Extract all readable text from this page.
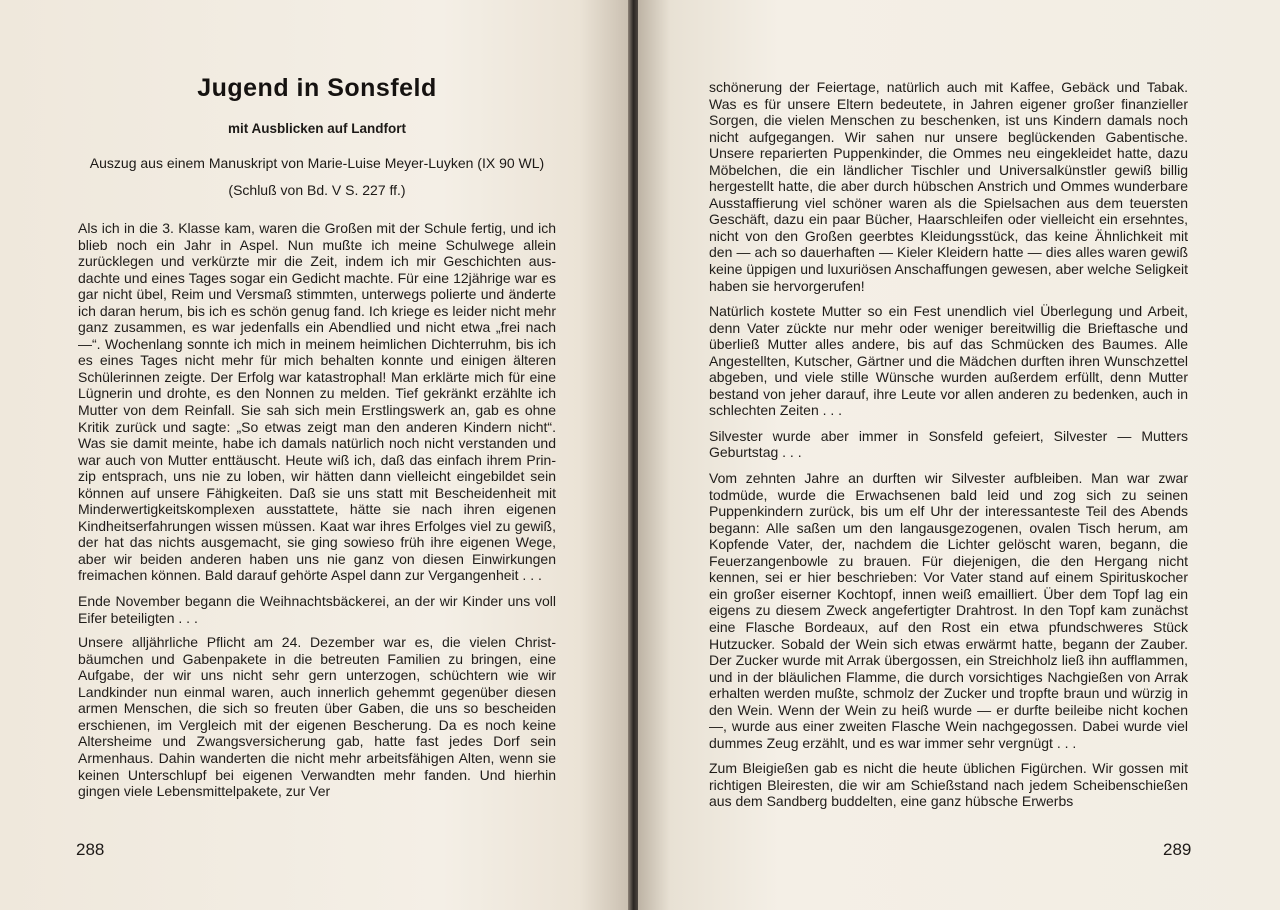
Jugend in Sonsfeld
mit Ausblicken auf Landfort
Auszug aus einem Manuskript von Marie-Luise Meyer-Luyken (IX 90 WL)
(Schluß von Bd. V S. 227 ff.)

Als ich in die 3. Klasse kam, waren die Großen mit der Schule fertig, und ich blieb noch ein Jahr in Aspel. Nun mußte ich meine Schulwege allein zurücklegen und verkürzte mir die Zeit, indem ich mir Geschichten ausdachte und eines Tages sogar ein Gedicht machte. Für eine 12jährige war es gar nicht übel, Reim und Versmaß stimmten, unterwegs polierte und änderte ich daran herum, bis ich es schön genug fand. Ich kriege es leider nicht mehr ganz zusammen, es war jedenfalls ein Abendlied und nicht etwa „frei nach —“. Wochenlang sonnte ich mich in meinem heimlichen Dichterruhm, bis ich es eines Tages nicht mehr für mich behalten konnte und einigen älteren Schülerinnen zeigte. Der Erfolg war katastrophal! Man erklärte mich für eine Lügnerin und drohte, es den Nonnen zu melden. Tief gekränkt erzählte ich Mutter von dem Reinfall. Sie sah sich mein Erstlingswerk an, gab es ohne Kritik zurück und sagte: „So etwas zeigt man den anderen Kindern nicht“. Was sie damit meinte, habe ich damals natürlich noch nicht verstanden und war auch von Mutter enttäuscht. Heute wiß ich, daß das einfach ihrem Prinzip entsprach, uns nie zu loben, wir hätten dann vielleicht eingebildet sein können auf unsere Fähigkeiten. Daß sie uns statt mit Bescheidenheit mit Minderwertigkeitskomplexen ausstattete, hätte sie nach ihren eigenen Kindheitserfahrungen wissen müssen. Kaat war ihres Erfolges viel zu gewiß, der hat das nichts ausgemacht, sie ging sowieso früh ihre eigenen Wege, aber wir beiden anderen haben uns nie ganz von diesen Einwirkungen freimachen können. Bald darauf gehörte Aspel dann zur Vergangenheit . . .

Ende November begann die Weihnachtsbäckerei, an der wir Kinder uns voll Eifer beteiligten . . .

Unsere alljährliche Pflicht am 24. Dezember war es, die vielen Christbäumchen und Gabenpakete in die betreuten Familien zu bringen, eine Aufgabe, der wir uns nicht sehr gern unterzogen, schüchtern wie wir Landkinder nun einmal waren, auch innerlich gehemmt gegenüber diesen armen Menschen, die sich so freuten über Gaben, die uns so bescheiden erschienen, im Vergleich mit der eigenen Bescherung. Da es noch keine Altersheime und Zwangsversicherung gab, hatte fast jedes Dorf sein Armenhaus. Dahin wanderten die nicht mehr arbeitsfähigen Alten, wenn sie keinen Unterschlupf bei eigenen Verwandten mehr fanden. Und hierhin gingen viele Lebensmittelpakete, zur Ver

288

schönerung der Feiertage, natürlich auch mit Kaffee, Gebäck und Tabak. Was es für unsere Eltern bedeutete, in Jahren eigener großer finanzieller Sorgen, die vielen Menschen zu beschenken, ist uns Kindern damals noch nicht aufgegangen. Wir sahen nur unsere beglückenden Gabentische. Unsere reparierten Puppenkinder, die Ommes neu eingekleidet hatte, dazu Möbelchen, die ein ländlicher Tischler und Universalkünstler gewiß billig hergestellt hatte, die aber durch hübschen Anstrich und Ommes wunderbare Ausstaffierung viel schöner waren als die Spielsachen aus dem teuersten Geschäft, dazu ein paar Bücher, Haarschleifen oder vielleicht ein ersehntes, nicht von den Großen geerbtes Kleidungsstück, das keine Ähnlichkeit mit den — ach so dauerhaften — Kieler Kleidern hatte — dies alles waren gewiß keine üppigen und luxuriösen Anschaffungen gewesen, aber welche Seligkeit haben sie hervorgerufen!

Natürlich kostete Mutter so ein Fest unendlich viel Überlegung und Arbeit, denn Vater zückte nur mehr oder weniger bereitwillig die Brieftasche und überließ Mutter alles andere, bis auf das Schmücken des Baumes. Alle Angestellten, Kutscher, Gärtner und die Mädchen durften ihren Wunschzettel abgeben, und viele stille Wünsche wurden außerdem erfüllt, denn Mutter bestand von jeher darauf, ihre Leute vor allen anderen zu bedenken, auch in schlechten Zeiten . . .

Silvester wurde aber immer in Sonsfeld gefeiert, Silvester — Mutters Geburtstag . . .

Vom zehnten Jahre an durften wir Silvester aufbleiben. Man war zwar todmüde, wurde die Erwachsenen bald leid und zog sich zu seinen Puppenkindern zurück, bis um elf Uhr der interessanteste Teil des Abends begann: Alle saßen um den langausgezogenen, ovalen Tisch herum, am Kopfende Vater, der, nachdem die Lichter gelöscht waren, begann, die Feuerzangenbowle zu brauen. Für diejenigen, die den Hergang nicht kennen, sei er hier beschrieben: Vor Vater stand auf einem Spirituskocher ein großer eiserner Kochtopf, innen weiß emailliert. Über dem Topf lag ein eigens zu diesem Zweck angefertigter Drahtrost. In den Topf kam zunächst eine Flasche Bordeaux, auf den Rost ein etwa pfundschweres Stück Hutzucker. Sobald der Wein sich etwas erwärmt hatte, begann der Zauber. Der Zucker wurde mit Arrak übergossen, ein Streichholz ließ ihn aufflammen, und in der bläulichen Flamme, die durch vorsichtiges Nachgießen von Arrak erhalten werden mußte, schmolz der Zucker und tropfte braun und würzig in den Wein. Wenn der Wein zu heiß wurde — er durfte beileibe nicht kochen —, wurde aus einer zweiten Flasche Wein nachgegossen. Dabei wurde viel dummes Zeug erzählt, und es war immer sehr vergnügt . . .

Zum Bleigießen gab es nicht die heute üblichen Figürchen. Wir gossen mit richtigen Bleiresten, die wir am Schießstand nach jedem Scheibenschießen aus dem Sandberg buddelten, eine ganz hübsche Erwerbs

289
